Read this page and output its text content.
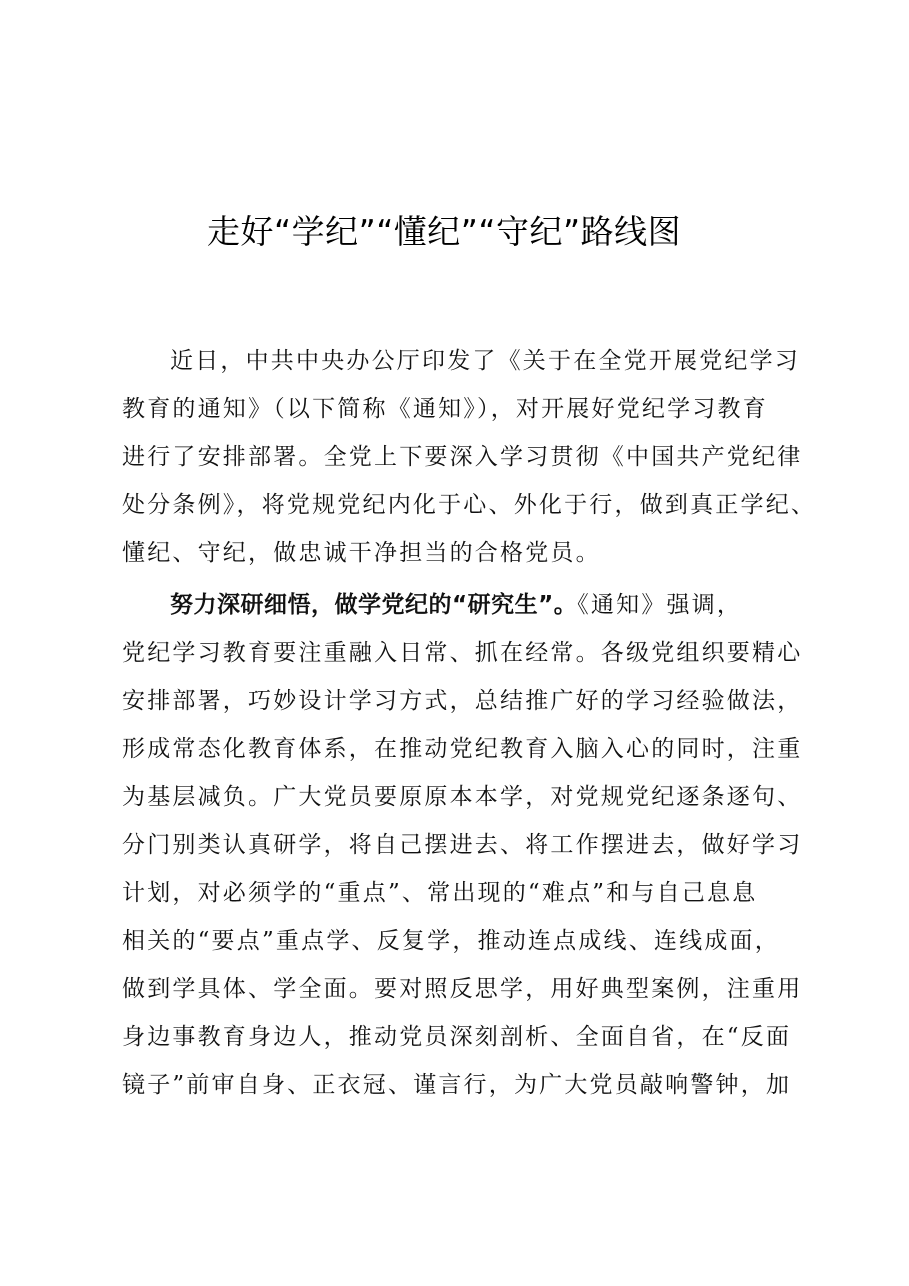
走好“学纪”“懂纪”“守纪”路线图
近日，中共中央办公厅印发了《关于在全党开展党纪学习
教育的通知》（以下简称《通知》），对开展好党纪学习教育
进行了安排部署。全党上下要深入学习贯彻《中国共产党纪律
处分条例》，将党规党纪内化于心、外化于行，做到真正学纪、
懂纪、守纪，做忠诚干净担当的合格党员。
努力深研细悟，做学党纪的“研究生”。《通知》强调，
党纪学习教育要注重融入日常、抓在经常。各级党组织要精心
安排部署，巧妙设计学习方式，总结推广好的学习经验做法，
形成常态化教育体系，在推动党纪教育入脑入心的同时，注重
为基层减负。广大党员要原原本本学，对党规党纪逐条逐句、
分门别类认真研学，将自己摆进去、将工作摆进去，做好学习
计划，对必须学的“重点”、常出现的“难点”和与自己息息
相关的“要点”重点学、反复学，推动连点成线、连线成面，
做到学具体、学全面。要对照反思学，用好典型案例，注重用
身边事教育身边人，推动党员深刻剖析、全面自省，在“反面
镜子”前审自身、正衣冠、谨言行，为广大党员敲响警钟，加
